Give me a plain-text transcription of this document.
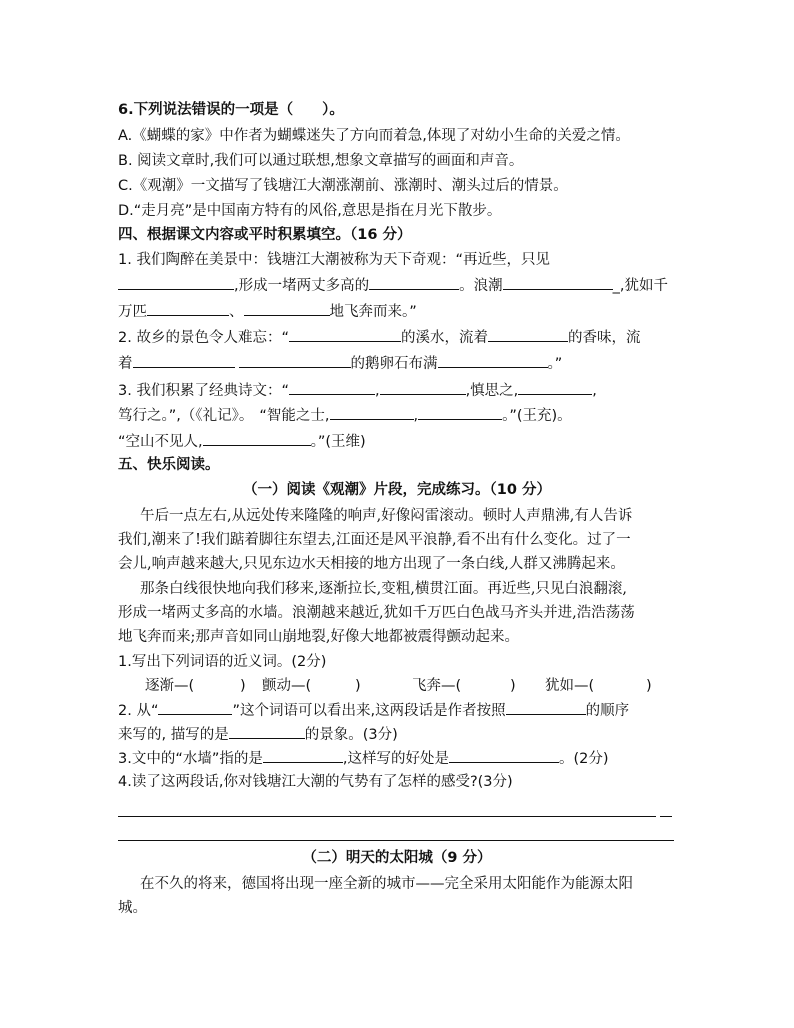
6.下列说法错误的一项是（　　）。
A.《蝴蝶的家》中作者为蝴蝶迷失了方向而着急,体现了对幼小生命的关爱之情。
B. 阅读文章时,我们可以通过联想,想象文章描写的画面和声音。
C.《观潮》一文描写了钱塘江大潮涨潮前、涨潮时、潮头过后的情景。
D.“走月亮”是中国南方特有的风俗,意思是指在月光下散步。
四、根据课文内容或平时积累填空。（16 分）
1. 我们陶醉在美景中：钱塘江大潮被称为天下奇观：“再近些，只见
,形成一堵两丈多高的	。浪潮	_,犹如千
万匹	、	地飞奔而来。”
2. 故乡的景色令人难忘：“	的溪水，流着	的香味，流
着	的鹅卵石布满	。”
3. 我们积累了经典诗文：“	,	,慎思之,	,
笃行之。”,（《礼记》。 “智能之士,	,	。”(王充)。
“空山不见人,	。”(王维)
五、快乐阅读。
（一）阅读《观潮》片段，完成练习。（10 分）
午后一点左右,从远处传来隆隆的响声,好像闷雷滚动。顿时人声鼎沸,有人告诉
我们,潮来了!我们踮着脚往东望去,江面还是风平浪静,看不出有什么变化。过了一
会儿,响声越来越大,只见东边水天相接的地方出现了一条白线,人群又沸腾起来。
那条白线很快地向我们移来,逐渐拉长,变粗,横贯江面。再近些,只见白浪翻滚,
形成一堵两丈多高的水墙。浪潮越来越近,犹如千万匹白色战马齐头并进,浩浩荡荡
地飞奔而来;那声音如同山崩地裂,好像大地都被震得颤动起来。
1.写出下列词语的近义词。(2分)
逐渐—(	) 颤动—(	)	飞奔—(	) 犹如—(	)
2. 从“	”这个词语可以看出来,这两段话是作者按照	的顺序
来写的, 描写的是	的景象。(3分)
3.文中的“水墙”指的是	,这样写的好处是	。(2分)
4.读了这两段话,你对钱塘江大潮的气势有了怎样的感受?(3分)
（二）明天的太阳城（9 分）
在不久的将来，德国将出现一座全新的城市——完全采用太阳能作为能源太阳
城。
